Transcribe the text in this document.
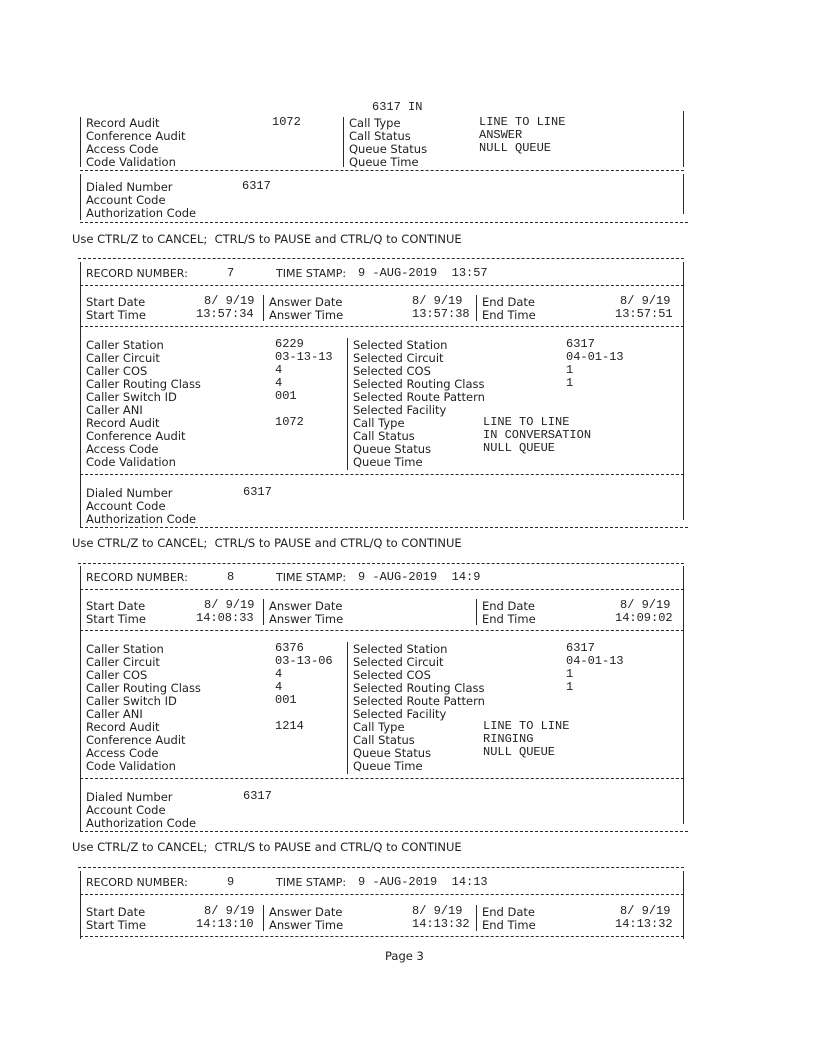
6317 IN
Record Audit	1072
Conference Audit
Access Code
Code Validation
Call Type	LINE TO LINE
Call Status	ANSWER
Queue Status	NULL QUEUE
Queue Time
Dialed Number	6317
Account Code
Authorization Code
Use CTRL/Z to CANCEL;  CTRL/S to PAUSE and CTRL/Q to CONTINUE
RECORD NUMBER:	7	TIME STAMP: 9 -AUG-2019  13:57
Start Date	8/ 9/19
Start Time	13:57:34
Answer Date	8/ 9/19
Answer Time	13:57:38
End Date	8/ 9/19
End Time	13:57:51
Caller Station	6229
Caller Circuit	03-13-13
Caller COS	4
Caller Routing Class	4
Caller Switch ID	001
Caller ANI
Record Audit	1072
Conference Audit
Access Code
Code Validation
Selected Station	6317
Selected Circuit	04-01-13
Selected COS	1
Selected Routing Class	1
Selected Route Pattern
Selected Facility
Call Type	LINE TO LINE
Call Status	IN CONVERSATION
Queue Status	NULL QUEUE
Queue Time
Dialed Number	6317
Account Code
Authorization Code
Use CTRL/Z to CANCEL;  CTRL/S to PAUSE and CTRL/Q to CONTINUE
RECORD NUMBER:	8	TIME STAMP: 9 -AUG-2019  14:9
Start Date	8/ 9/19
Start Time	14:08:33
Answer Date
Answer Time
End Date	8/ 9/19
End Time	14:09:02
Caller Station	6376
Caller Circuit	03-13-06
Caller COS	4
Caller Routing Class	4
Caller Switch ID	001
Caller ANI
Record Audit	1214
Conference Audit
Access Code
Code Validation
Selected Station	6317
Selected Circuit	04-01-13
Selected COS	1
Selected Routing Class	1
Selected Route Pattern
Selected Facility
Call Type	LINE TO LINE
Call Status	RINGING
Queue Status	NULL QUEUE
Queue Time
Dialed Number	6317
Account Code
Authorization Code
Use CTRL/Z to CANCEL;  CTRL/S to PAUSE and CTRL/Q to CONTINUE
RECORD NUMBER:	9	TIME STAMP: 9 -AUG-2019  14:13
Start Date	8/ 9/19
Start Time	14:13:10
Answer Date	8/ 9/19
Answer Time	14:13:32
End Date	8/ 9/19
End Time	14:13:32
Page 3
